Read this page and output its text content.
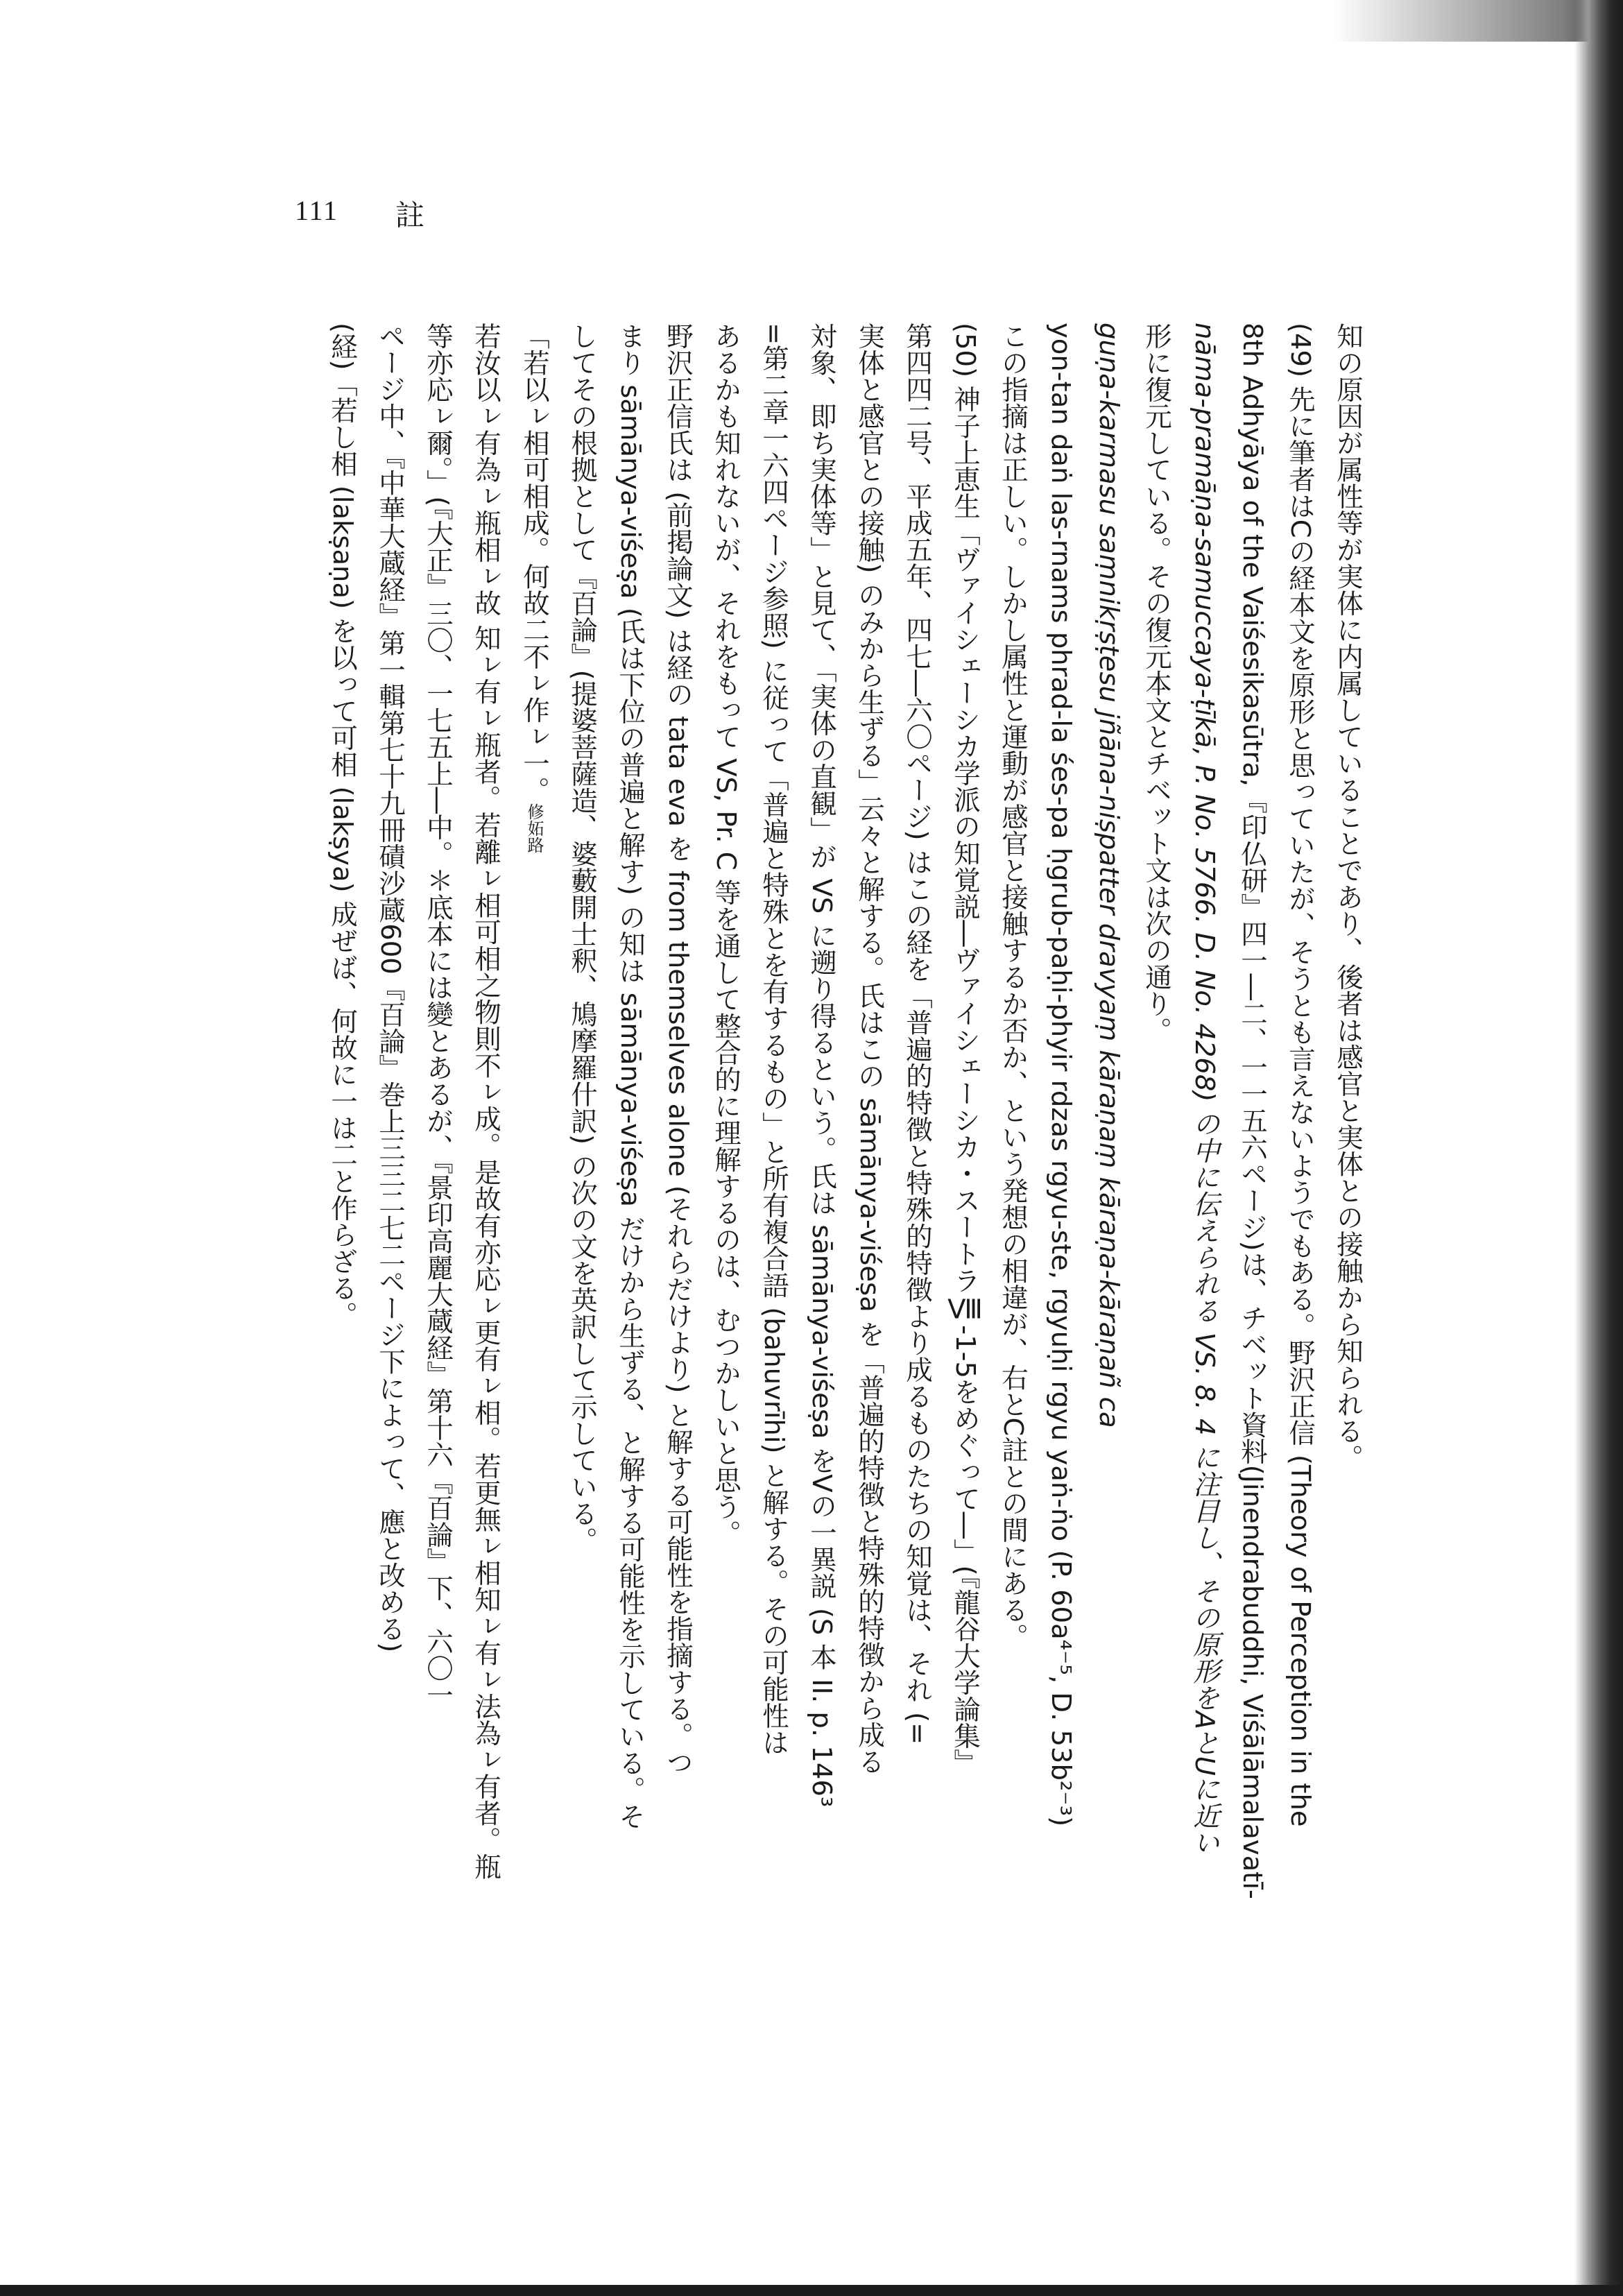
111 註
知の原因が属性等が実体に内属していることであり、後者は感官と実体との接触から知られる。
(49) 先に筆者はCの経本文を原形と思っていたが、そうとも言えないようでもある。野沢正信 (Theory of Perception in the
8th Adhyāya of the Vaiśesikasūtra,『印仏研』四一―二、一一五六ページ)は、チベット資料(Jinendrabuddhi, Viśālāmalavatī-
nāma-pramāṇa-samuccaya-ṭīkā, P. No. 5766. D. No. 4268) の中に伝えられる VS. 8. 4 に注目し、その原形をAとUに近い
形に復元している。その復元本文とチベット文は次の通り。
guṇa-karmasu saṃnikṛṣṭesu jñāna-niṣpatter dravyaṃ kāraṇaṃ kāraṇa-kāraṇañ ca
yon-tan daṅ las-rnams phrad-la śes-pa ḥgrub-paḥi-phyir rdzas rgyu-ste, rgyuḥi rgyu yaṅ-ṅo (P. 60a⁴⁻⁵, D. 53b²⁻³)
この指摘は正しい。しかし属性と運動が感官と接触するか否か、という発想の相違が、右とC註との間にある。
(50) 神子上恵生「ヴァイシェーシカ学派の知覚説―ヴァイシェーシカ・スートラⅧ-1-5をめぐって―」(『龍谷大学論集』
第四四二号、平成五年、四七―六〇ページ) はこの経を「普遍的特徴と特殊的特徴より成るものたちの知覚は、それ (=
実体と感官との接触) のみから生ずる」云々と解する。氏はこの sāmānya-viśeṣa を「普遍的特徴と特殊的特徴から成る
対象、即ち実体等」と見て、「実体の直観」が VS に遡り得るという。氏は sāmānya-viśeṣa をVの一異説 (S 本 II. p. 146³
=第二章一六四ページ参照) に従って「普遍と特殊とを有するもの」と所有複合語 (bahuvrīhi) と解する。その可能性は
あるかも知れないが、それをもって VS, Pr. C 等を通して整合的に理解するのは、むつかしいと思う。
野沢正信氏は (前掲論文) は経の tata eva を from themselves alone (それらだけより) と解する可能性を指摘する。つ
まり sāmānya-viśeṣa (氏は下位の普遍と解す) の知は sāmānya-viśeṣa だけから生ずる、と解する可能性を示している。そ
してその根拠として『百論』(提婆菩薩造、婆藪開士釈、鳩摩羅什訳) の次の文を英訳して示している。
「若以ㇾ相可相成。何故二不ㇾ作ㇾ一。修妬路
若汝以ㇾ有為ㇾ瓶相ㇾ故 知ㇾ有ㇾ瓶者。若離ㇾ相可相之物則不ㇾ成。是故有亦応ㇾ更有ㇾ相。若更無ㇾ相知ㇾ有ㇾ法為ㇾ有者。瓶
等亦応ㇾ爾。」(『大正』三〇、一七五上―中。＊底本には變とあるが、『景印高麗大蔵経』第十六『百論』下、六〇一
ページ中、『中華大蔵経』第一輯第七十九冊磧沙蔵600『百論』巻上三三二七二ページ下によって、應と改める)
(経)「若し相 (lakṣaṇa) を以って可相 (lakṣya) 成ぜば、何故に一は二と作らざる。
